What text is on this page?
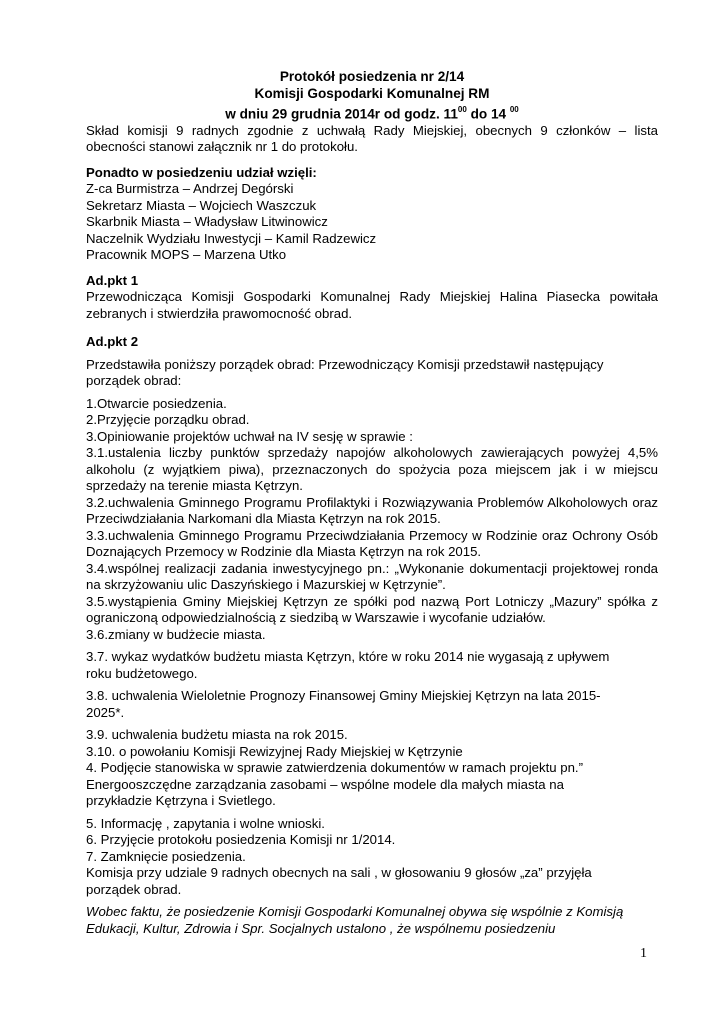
Protokół posiedzenia nr 2/14
Komisji Gospodarki Komunalnej RM
w dniu 29 grudnia 2014r od godz. $11^{00}$ do 14 $^{00}$

Skład komisji 9 radnych zgodnie z uchwałą Rady Miejskiej, obecnych 9 członków – lista obecności stanowi załącznik nr 1 do protokołu.

Ponadto w posiedzeniu udział wzięli:

Z-ca Burmistrza – Andrzej Degórski

Sekretarz Miasta – Wojciech Waszczuk

Skarbnik Miasta – Władysław Litwinowicz

Naczelnik Wydziału Inwestycji – Kamil Radzewicz

Pracownik MOPS – Marzena Utko

Ad.pkt 1

Przewodnicząca Komisji Gospodarki Komunalnej Rady Miejskiej Halina Piasecka powitała zebranych i stwierdziła prawomocność obrad.

Ad.pkt 2

Przedstawiła poniższy porządek obrad: Przewodniczący Komisji przedstawił następujący

porządek obrad:

1.Otwarcie posiedzenia.

2.Przyjęcie porządku obrad.

3.Opiniowanie projektów uchwał na IV sesję w sprawie :

3.1.ustalenia liczby punktów sprzedaży napojów alkoholowych zawierających powyżej 4,5% alkoholu (z wyjątkiem piwa), przeznaczonych do spożycia poza miejscem jak i w miejscu sprzedaży na terenie miasta Kętrzyn.

3.2.uchwalenia Gminnego Programu Profilaktyki i Rozwiązywania Problemów Alkoholowych oraz Przeciwdziałania Narkomani dla Miasta Kętrzyn na rok 2015.

3.3.uchwalenia Gminnego Programu Przeciwdziałania Przemocy w Rodzinie oraz Ochrony Osób Doznających Przemocy w Rodzinie dla Miasta Kętrzyn na rok 2015.

3.4.wspólnej realizacji zadania inwestycyjnego pn.: „Wykonanie dokumentacji projektowej ronda na skrzyżowaniu ulic Daszyńskiego i Mazurskiej w Kętrzynie”.

3.5.wystąpienia Gminy Miejskiej Kętrzyn ze spółki pod nazwą Port Lotniczy „Mazury” spółka z ograniczoną odpowiedzialnością z siedzibą w Warszawie i wycofanie udziałów.

3.6.zmiany w budżecie miasta.

3.7. wykaz wydatków budżetu miasta Kętrzyn, które w roku 2014 nie wygasają z upływem

roku budżetowego.

3.8. uchwalenia Wieloletnie Prognozy Finansowej Gminy Miejskiej Kętrzyn na lata 2015-

2025*.

3.9. uchwalenia budżetu miasta na rok 2015.

3.10. o powołaniu Komisji Rewizyjnej Rady Miejskiej w Kętrzynie

4. Podjęcie stanowiska w sprawie zatwierdzenia dokumentów w ramach projektu pn.”

Energooszczędne zarządzania zasobami – wspólne modele dla małych miasta na

przykładzie Kętrzyna i Svietlego.

5. Informację , zapytania i wolne wnioski.

6. Przyjęcie protokołu posiedzenia Komisji nr 1/2014.

7. Zamknięcie posiedzenia.

Komisja przy udziale 9 radnych obecnych na sali , w głosowaniu 9 głosów „za” przyjęła

porządek obrad.

Wobec faktu, że posiedzenie Komisji Gospodarki Komunalnej obywa się wspólnie z Komisją Edukacji, Kultur, Zdrowia i Spr. Socjalnych ustalono , że wspólnemu posiedzeniu

1
